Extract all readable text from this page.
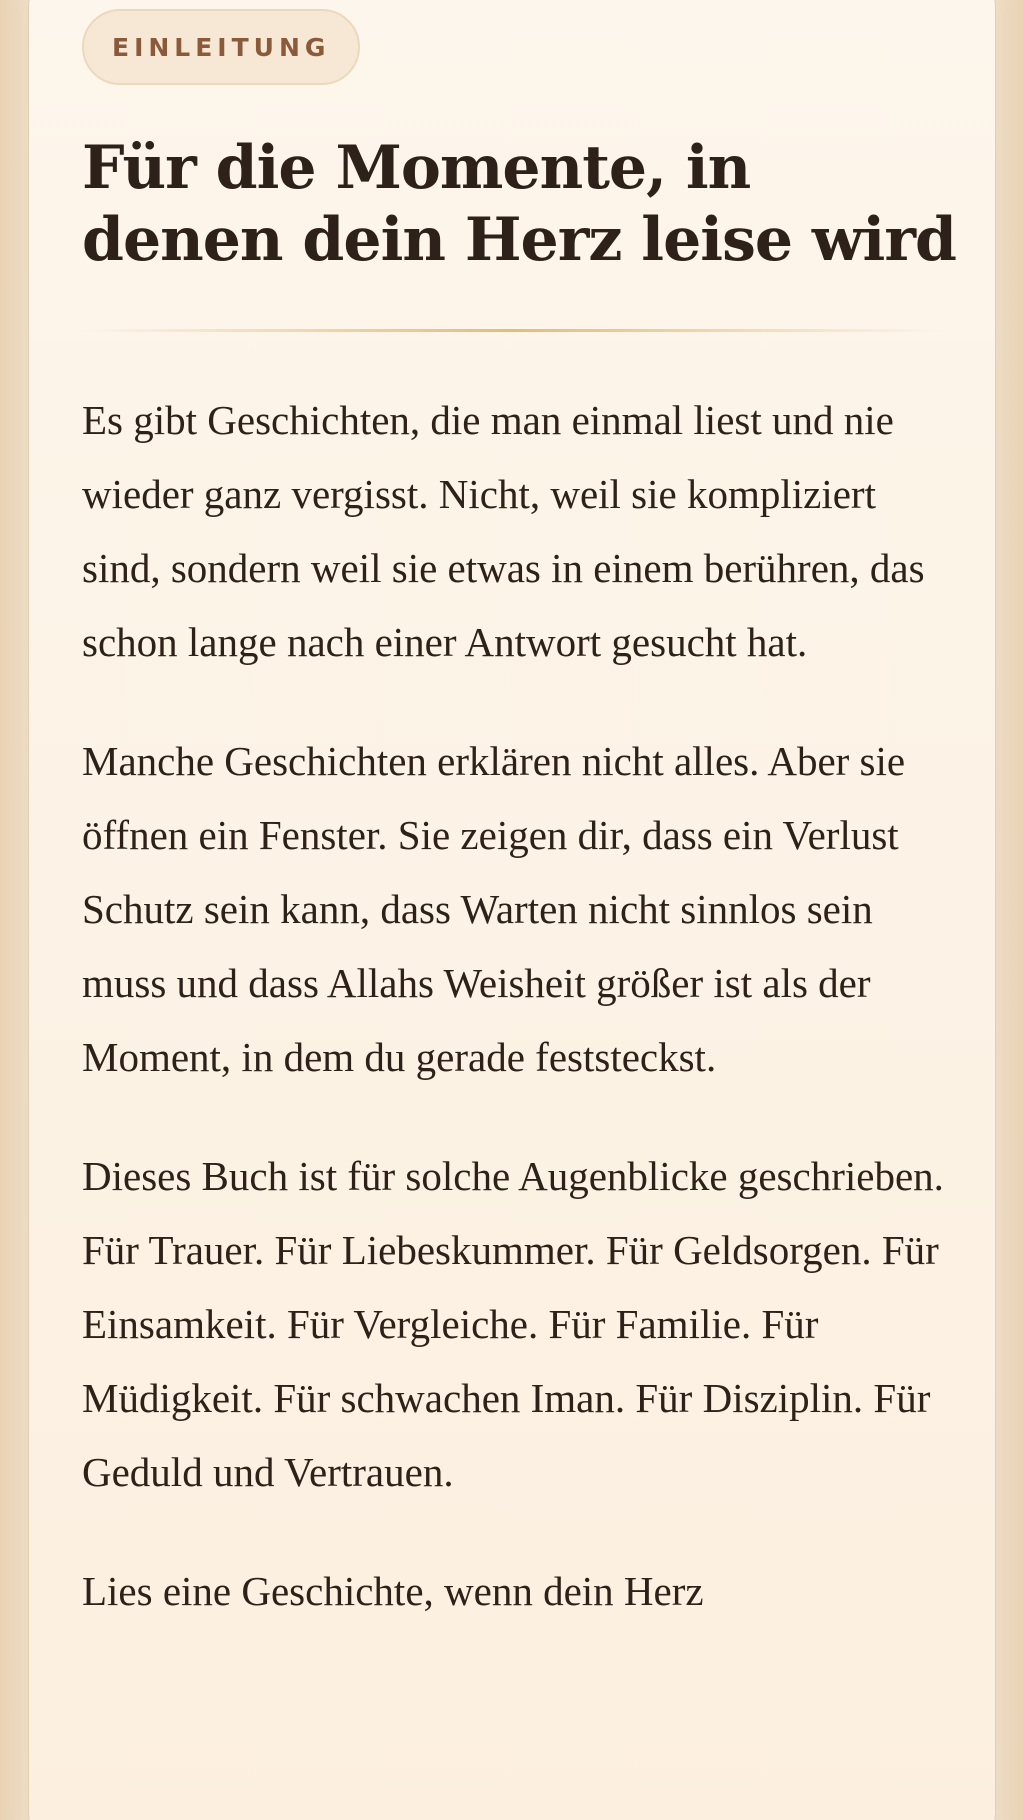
EINLEITUNG
Für die Momente, in denen dein Herz leise wird

Es gibt Geschichten, die man einmal liest und nie wieder ganz vergisst. Nicht, weil sie kompliziert sind, sondern weil sie etwas in einem berühren, das schon lange nach einer Antwort gesucht hat.

Manche Geschichten erklären nicht alles. Aber sie öffnen ein Fenster. Sie zeigen dir, dass ein Verlust Schutz sein kann, dass Warten nicht sinnlos sein muss und dass Allahs Weisheit größer ist als der Moment, in dem du gerade feststeckst.

Dieses Buch ist für solche Augenblicke geschrieben. Für Trauer. Für Liebeskummer. Für Geldsorgen. Für Einsamkeit. Für Vergleiche. Für Familie. Für Müdigkeit. Für schwachen Iman. Für Disziplin. Für Geduld und Vertrauen.

Lies eine Geschichte, wenn dein Herz
